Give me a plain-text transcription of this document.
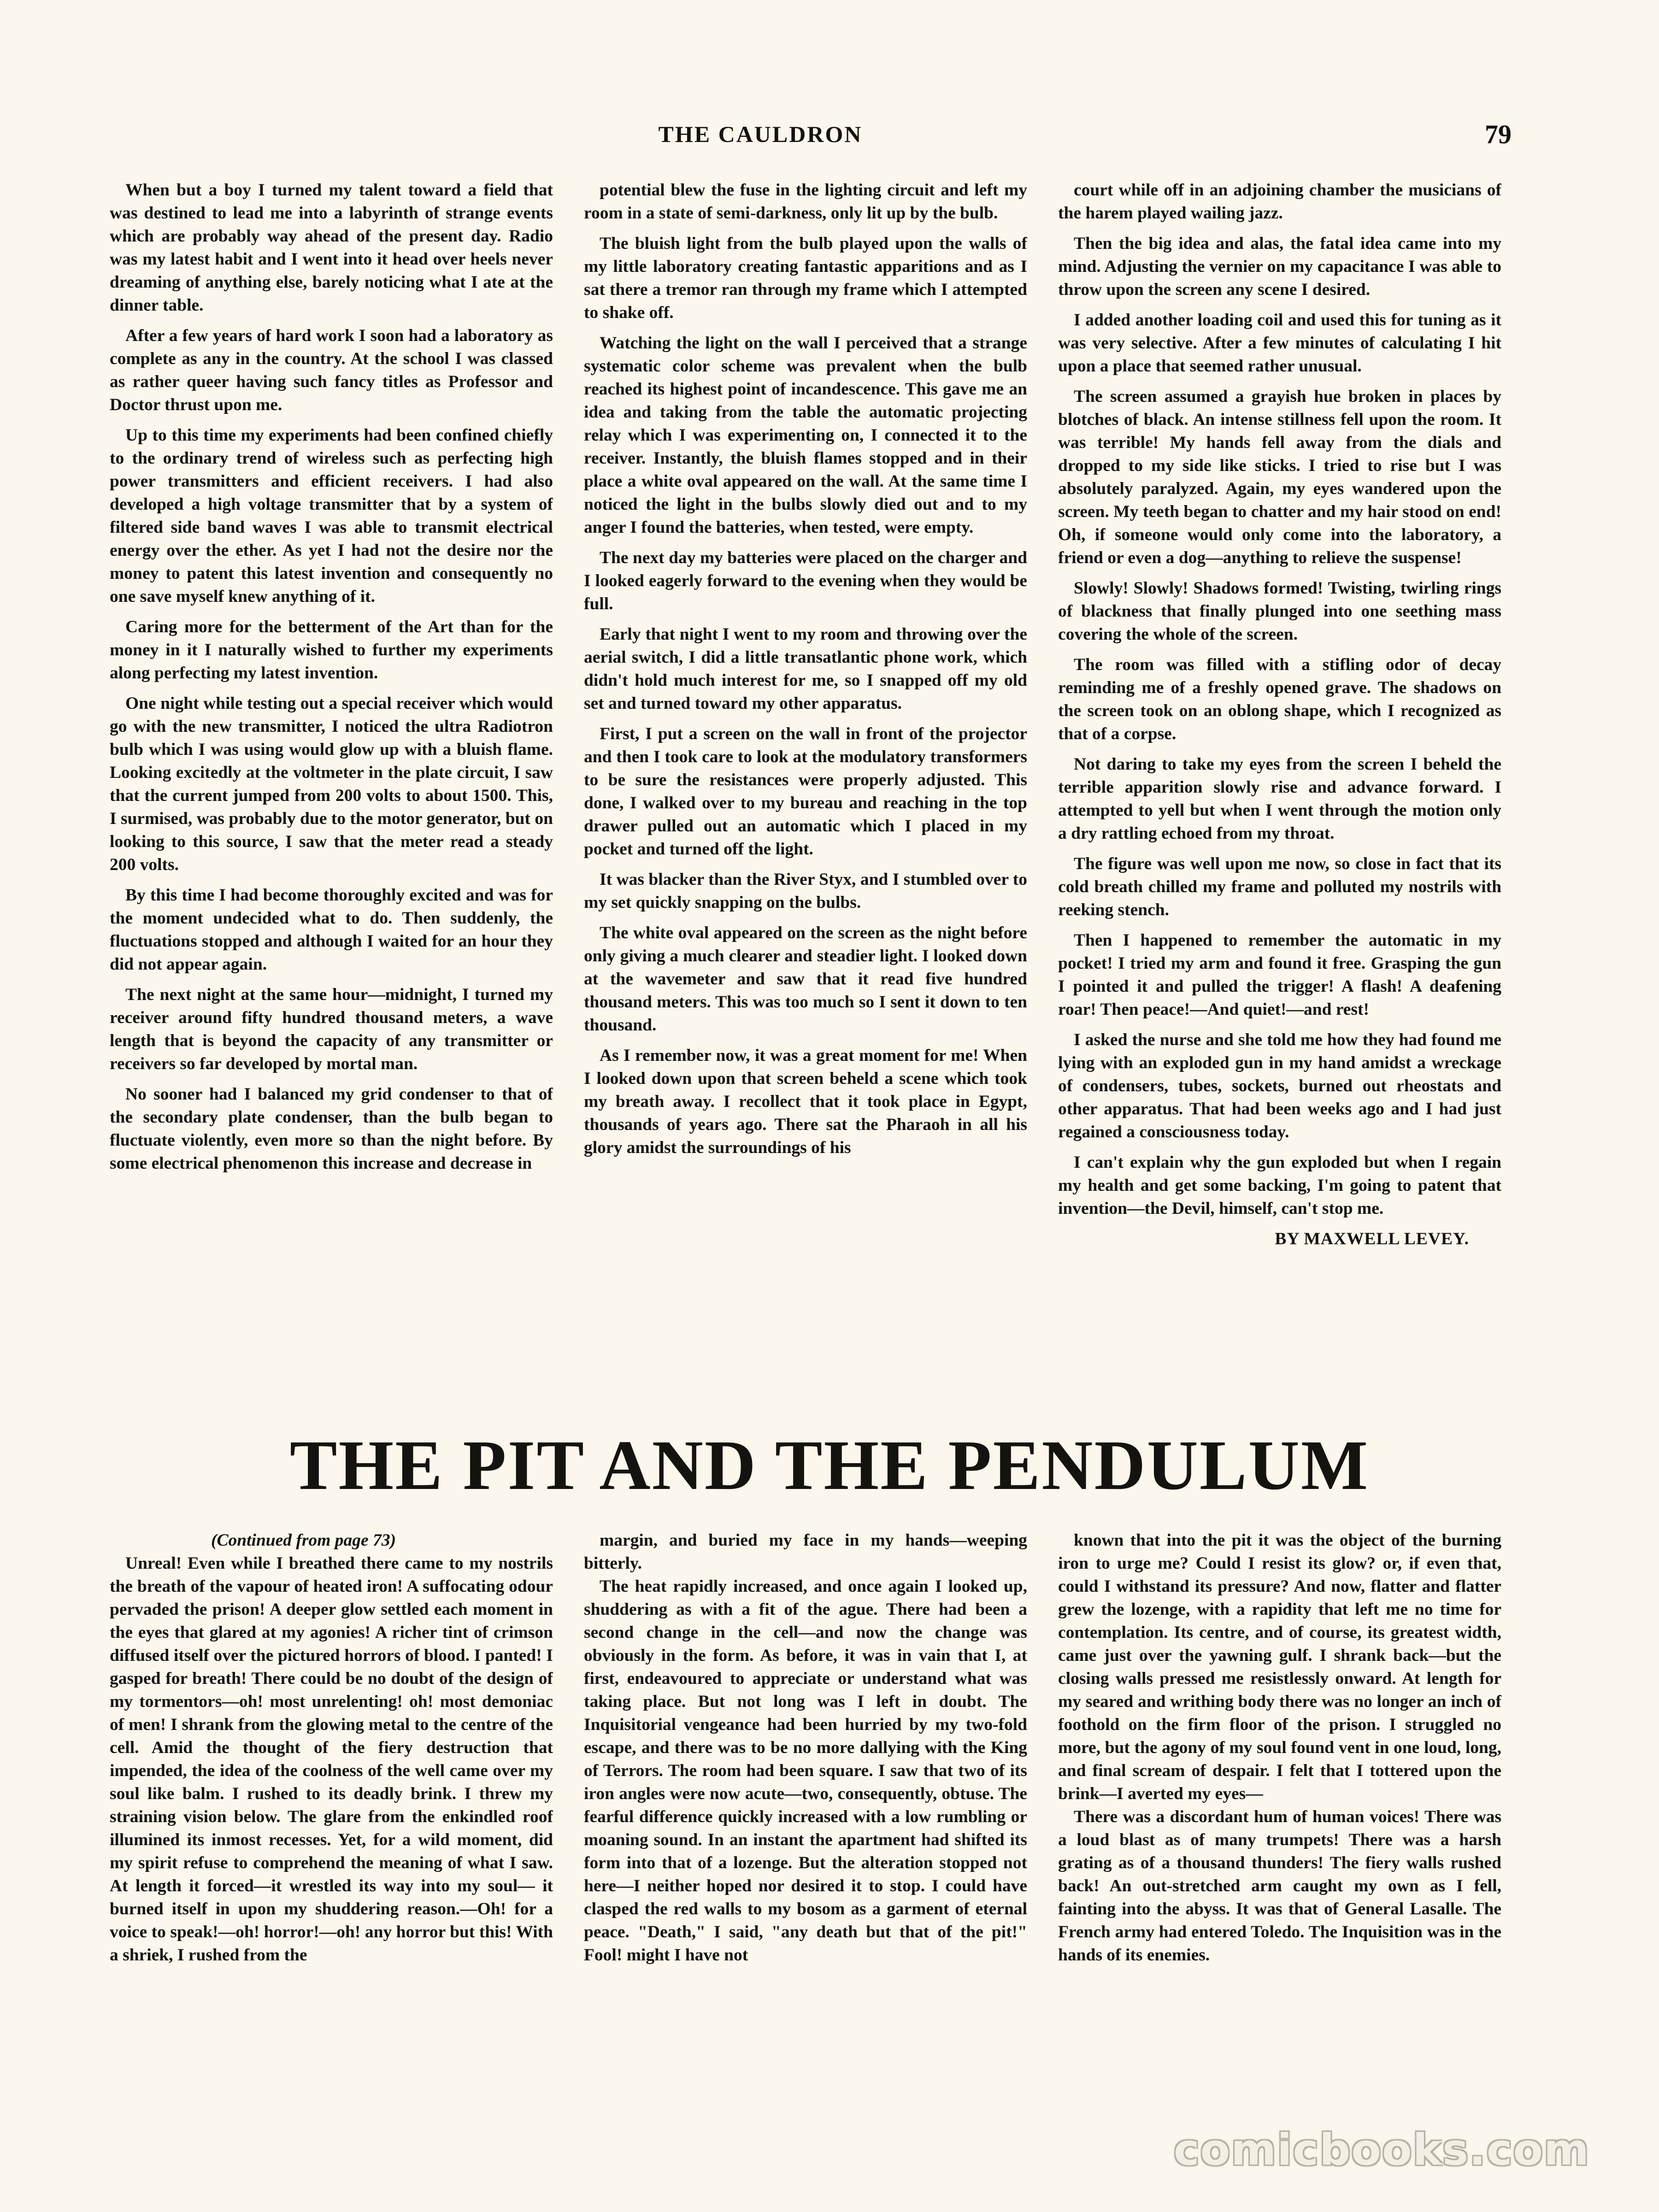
THE CAULDRON	79

When but a boy I turned my talent toward a field that was destined to lead me into a labyrinth of strange events which are probably way ahead of the present day. Radio was my latest habit and I went into it head over heels never dreaming of anything else, barely noticing what I ate at the dinner table.

After a few years of hard work I soon had a laboratory as complete as any in the country. At the school I was classed as rather queer having such fancy titles as Professor and Doctor thrust upon me.

Up to this time my experiments had been confined chiefly to the ordinary trend of wireless such as perfecting high power transmitters and efficient receivers. I had also developed a high voltage transmitter that by a system of filtered side band waves I was able to transmit electrical energy over the ether. As yet I had not the desire nor the money to patent this latest invention and consequently no one save myself knew anything of it.

Caring more for the betterment of the Art than for the money in it I naturally wished to further my experiments along perfecting my latest invention.

One night while testing out a special receiver which would go with the new transmitter, I noticed the ultra Radiotron bulb which I was using would glow up with a bluish flame. Looking excitedly at the voltmeter in the plate circuit, I saw that the current jumped from 200 volts to about 1500. This, I surmised, was probably due to the motor generator, but on looking to this source, I saw that the meter read a steady 200 volts.

By this time I had become thoroughly excited and was for the moment undecided what to do. Then suddenly, the fluctuations stopped and although I waited for an hour they did not appear again.

The next night at the same hour—midnight, I turned my receiver around fifty hundred thousand meters, a wave length that is beyond the capacity of any transmitter or receivers so far developed by mortal man.

No sooner had I balanced my grid condenser to that of the secondary plate condenser, than the bulb began to fluctuate violently, even more so than the night before. By some electrical phenomenon this increase and decrease in

potential blew the fuse in the lighting circuit and left my room in a state of semi-darkness, only lit up by the bulb.

The bluish light from the bulb played upon the walls of my little laboratory creating fantastic apparitions and as I sat there a tremor ran through my frame which I attempted to shake off.

Watching the light on the wall I perceived that a strange systematic color scheme was prevalent when the bulb reached its highest point of incandescence. This gave me an idea and taking from the table the automatic projecting relay which I was experimenting on, I connected it to the receiver. Instantly, the bluish flames stopped and in their place a white oval appeared on the wall. At the same time I noticed the light in the bulbs slowly died out and to my anger I found the batteries, when tested, were empty.

The next day my batteries were placed on the charger and I looked eagerly forward to the evening when they would be full.

Early that night I went to my room and throwing over the aerial switch, I did a little transatlantic phone work, which didn't hold much interest for me, so I snapped off my old set and turned toward my other apparatus.

First, I put a screen on the wall in front of the projector and then I took care to look at the modulatory transformers to be sure the resistances were properly adjusted. This done, I walked over to my bureau and reaching in the top drawer pulled out an automatic which I placed in my pocket and turned off the light.

It was blacker than the River Styx, and I stumbled over to my set quickly snapping on the bulbs.

The white oval appeared on the screen as the night before only giving a much clearer and steadier light. I looked down at the wavemeter and saw that it read five hundred thousand meters. This was too much so I sent it down to ten thousand.

As I remember now, it was a great moment for me! When I looked down upon that screen beheld a scene which took my breath away. I recollect that it took place in Egypt, thousands of years ago. There sat the Pharaoh in all his glory amidst the surroundings of his

court while off in an adjoining chamber the musicians of the harem played wailing jazz.

Then the big idea and alas, the fatal idea came into my mind. Adjusting the vernier on my capacitance I was able to throw upon the screen any scene I desired.

I added another loading coil and used this for tuning as it was very selective. After a few minutes of calculating I hit upon a place that seemed rather unusual.

The screen assumed a grayish hue broken in places by blotches of black. An intense stillness fell upon the room. It was terrible! My hands fell away from the dials and dropped to my side like sticks. I tried to rise but I was absolutely paralyzed. Again, my eyes wandered upon the screen. My teeth began to chatter and my hair stood on end! Oh, if someone would only come into the laboratory, a friend or even a dog—anything to relieve the suspense!

Slowly! Slowly! Shadows formed! Twisting, twirling rings of blackness that finally plunged into one seething mass covering the whole of the screen.

The room was filled with a stifling odor of decay reminding me of a freshly opened grave. The shadows on the screen took on an oblong shape, which I recognized as that of a corpse.

Not daring to take my eyes from the screen I beheld the terrible apparition slowly rise and advance forward. I attempted to yell but when I went through the motion only a dry rattling echoed from my throat.

The figure was well upon me now, so close in fact that its cold breath chilled my frame and polluted my nostrils with reeking stench.

Then I happened to remember the automatic in my pocket! I tried my arm and found it free. Grasping the gun I pointed it and pulled the trigger! A flash! A deafening roar! Then peace!—And quiet!—and rest!

I asked the nurse and she told me how they had found me lying with an exploded gun in my hand amidst a wreckage of condensers, tubes, sockets, burned out rheostats and other apparatus. That had been weeks ago and I had just regained a consciousness today.

I can't explain why the gun exploded but when I regain my health and get some backing, I'm going to patent that invention—the Devil, himself, can't stop me.

BY MAXWELL LEVEY.
THE PIT AND THE PENDULUM
(Continued from page 73)

Unreal! Even while I breathed there came to my nostrils the breath of the vapour of heated iron! A suffocating odour pervaded the prison! A deeper glow settled each moment in the eyes that glared at my agonies! A richer tint of crimson diffused itself over the pictured horrors of blood. I panted! I gasped for breath! There could be no doubt of the design of my tormentors—oh! most unrelenting! oh! most demoniac of men! I shrank from the glowing metal to the centre of the cell. Amid the thought of the fiery destruction that impended, the idea of the coolness of the well came over my soul like balm. I rushed to its deadly brink. I threw my straining vision below. The glare from the enkindled roof illumined its inmost recesses. Yet, for a wild moment, did my spirit refuse to comprehend the meaning of what I saw. At length it forced—it wrestled its way into my soul— it burned itself in upon my shuddering reason.—Oh! for a voice to speak!—oh! horror!—oh! any horror but this! With a shriek, I rushed from the

margin, and buried my face in my hands—weeping bitterly.

The heat rapidly increased, and once again I looked up, shuddering as with a fit of the ague. There had been a second change in the cell—and now the change was obviously in the form. As before, it was in vain that I, at first, endeavoured to appreciate or understand what was taking place. But not long was I left in doubt. The Inquisitorial vengeance had been hurried by my two-fold escape, and there was to be no more dallying with the King of Terrors. The room had been square. I saw that two of its iron angles were now acute—two, consequently, obtuse. The fearful difference quickly increased with a low rumbling or moaning sound. In an instant the apartment had shifted its form into that of a lozenge. But the alteration stopped not here—I neither hoped nor desired it to stop. I could have clasped the red walls to my bosom as a garment of eternal peace. "Death," I said, "any death but that of the pit!" Fool! might I have not

known that into the pit it was the object of the burning iron to urge me? Could I resist its glow? or, if even that, could I withstand its pressure? And now, flatter and flatter grew the lozenge, with a rapidity that left me no time for contemplation. Its centre, and of course, its greatest width, came just over the yawning gulf. I shrank back—but the closing walls pressed me resistlessly onward. At length for my seared and writhing body there was no longer an inch of foothold on the firm floor of the prison. I struggled no more, but the agony of my soul found vent in one loud, long, and final scream of despair. I felt that I tottered upon the brink—I averted my eyes—

There was a discordant hum of human voices! There was a loud blast as of many trumpets! There was a harsh grating as of a thousand thunders! The fiery walls rushed back! An out-stretched arm caught my own as I fell, fainting into the abyss. It was that of General Lasalle. The French army had entered Toledo. The Inquisition was in the hands of its enemies.

comicbooks.com
